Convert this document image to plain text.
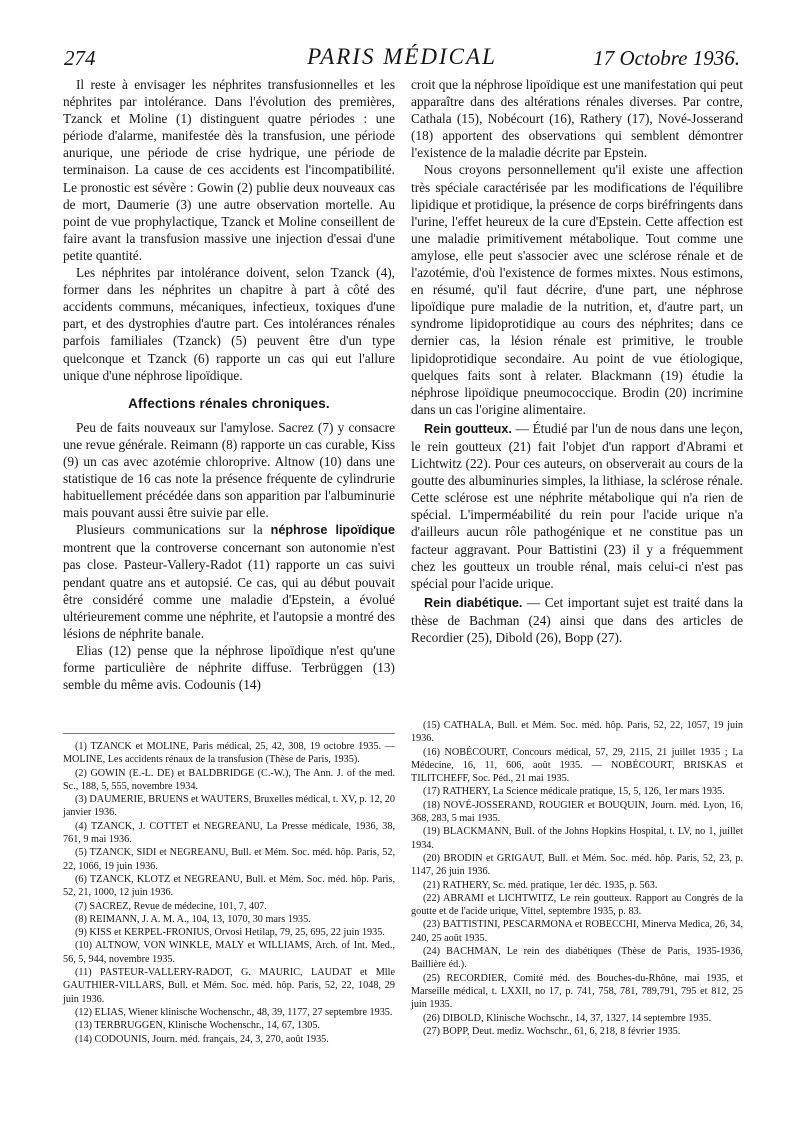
274	PARIS MÉDICAL	17 Octobre 1936.

Il reste à envisager les néphrites transfusionnelles et les néphrites par intolérance. Dans l'évolution des premières, Tzanck et Moline (1) distinguent quatre périodes : une période d'alarme, manifestée dès la transfusion, une période anurique, une période de crise hydrique, une période de terminaison. La cause de ces accidents est l'incompatibilité. Le pronostic est sévère : Gowin (2) publie deux nouveaux cas de mort, Daumerie (3) une autre observation mortelle. Au point de vue prophylactique, Tzanck et Moline conseillent de faire avant la transfusion massive une injection d'essai d'une petite quantité.

Les néphrites par intolérance doivent, selon Tzanck (4), former dans les néphrites un chapitre à part à côté des accidents communs, mécaniques, infectieux, toxiques d'une part, et des dystrophies d'autre part. Ces intolérances rénales parfois familiales (Tzanck) (5) peuvent être d'un type quelconque et Tzanck (6) rapporte un cas qui eut l'allure unique d'une néphrose lipoïdique.

Affections rénales chroniques.

Peu de faits nouveaux sur l'amylose. Sacrez (7) y consacre une revue générale. Reimann (8) rapporte un cas curable, Kiss (9) un cas avec azotémie chloroprive. Altnow (10) dans une statistique de 16 cas note la présence fréquente de cylindrurie habituellement précédée dans son apparition par l'albuminurie mais pouvant aussi être suivie par elle.

Plusieurs communications sur la néphrose lipoïdique montrent que la controverse concernant son autonomie n'est pas close. Pasteur-Vallery-Radot (11) rapporte un cas suivi pendant quatre ans et autopsié. Ce cas, qui au début pouvait être considéré comme une maladie d'Epstein, a évolué ultérieurement comme une néphrite, et l'autopsie a montré des lésions de néphrite banale.

Elias (12) pense que la néphrose lipoïdique n'est qu'une forme particulière de néphrite diffuse. Terbrüggen (13) semble du même avis. Codounis (14)

croit que la néphrose lipoïdique est une manifestation qui peut apparaître dans des altérations rénales diverses. Par contre, Cathala (15), Nobécourt (16), Rathery (17), Nové-Josserand (18) apportent des observations qui semblent démontrer l'existence de la maladie décrite par Epstein.

Nous croyons personnellement qu'il existe une affection très spéciale caractérisée par les modifications de l'équilibre lipidique et protidique, la présence de corps biréfringents dans l'urine, l'effet heureux de la cure d'Epstein. Cette affection est une maladie primitivement métabolique. Tout comme une amylose, elle peut s'associer avec une sclérose rénale et de l'azotémie, d'où l'existence de formes mixtes. Nous estimons, en résumé, qu'il faut décrire, d'une part, une néphrose lipoïdique pure maladie de la nutrition, et, d'autre part, un syndrome lipidoprotidique au cours des néphrites; dans ce dernier cas, la lésion rénale est primitive, le trouble lipidoprotidique secondaire. Au point de vue étiologique, quelques faits sont à relater. Blackmann (19) étudie la néphrose lipoïdique pneumococcique. Brodin (20) incrimine dans un cas l'origine alimentaire.

Rein goutteux. — Étudié par l'un de nous dans une leçon, le rein goutteux (21) fait l'objet d'un rapport d'Abrami et Lichtwitz (22). Pour ces auteurs, on observerait au cours de la goutte des albuminuries simples, la lithiase, la sclérose rénale. Cette sclérose est une néphrite métabolique qui n'a rien de spécial. L'imperméabilité du rein pour l'acide urique n'a d'ailleurs aucun rôle pathogénique et ne constitue pas un facteur aggravant. Pour Battistini (23) il y a fréquemment chez les goutteux un trouble rénal, mais celui-ci n'est pas spécial pour l'acide urique.

Rein diabétique. — Cet important sujet est traité dans la thèse de Bachman (24) ainsi que dans des articles de Recordier (25), Dibold (26), Bopp (27).

(1) TZANCK et MOLINE, Paris médical, 25, 42, 308, 19 octobre 1935. — MOLINE, Les accidents rénaux de la transfusion (Thèse de Paris, 1935).

(2) GOWIN (E.-L. DE) et BALDBRIDGE (C.-W.), The Ann. J. of the med. Sc., 188, 5, 555, novembre 1934.

(3) DAUMERIE, BRUENS et WAUTERS, Bruxelles médical, t. XV, p. 12, 20 janvier 1936.

(4) TZANCK, J. COTTET et NEGREANU, La Presse médicale, 1936, 38, 761, 9 mai 1936.

(5) TZANCK, SIDI et NEGREANU, Bull. et Mém. Soc. méd. hôp. Paris, 52, 22, 1066, 19 juin 1936.

(6) TZANCK, KLOTZ et NEGREANU, Bull. et Mém. Soc. méd. hôp. Paris, 52, 21, 1000, 12 juin 1936.

(7) SACREZ, Revue de médecine, 101, 7, 407.

(8) REIMANN, J. A. M. A., 104, 13, 1070, 30 mars 1935.

(9) KISS et KERPEL-FRONIUS, Orvosi Hetilap, 79, 25, 695, 22 juin 1935.

(10) ALTNOW, VON WINKLE, MALY et WILLIAMS, Arch. of Int. Med., 56, 5, 944, novembre 1935.

(11) PASTEUR-VALLERY-RADOT, G. MAURIC, LAUDAT et Mlle GAUTHIER-VILLARS, Bull. et Mém. Soc. méd. hôp. Paris, 52, 22, 1048, 29 juin 1936.

(12) ELIAS, Wiener klinische Wochenschr., 48, 39, 1177, 27 septembre 1935.

(13) TERBRUGGEN, Klinische Wochenschr., 14, 67, 1305.

(14) CODOUNIS, Journ. méd. français, 24, 3, 270, août 1935.

(15) CATHALA, Bull. et Mém. Soc. méd. hôp. Paris, 52, 22, 1057, 19 juin 1936.

(16) NOBÉCOURT, Concours médical, 57, 29, 2115, 21 juillet 1935 ; La Médecine, 16, 11, 606, août 1935. — NOBÉCOURT, BRISKAS et TILITCHEFF, Soc. Péd., 21 mai 1935.

(17) RATHERY, La Science médicale pratique, 15, 5, 126, 1er mars 1935.

(18) NOVÉ-JOSSERAND, ROUGIER et BOUQUIN, Journ. méd. Lyon, 16, 368, 283, 5 mai 1935.

(19) BLACKMANN, Bull. of the Johns Hopkins Hospital, t. LV, no 1, juillet 1934.

(20) BRODIN et GRIGAUT, Bull. et Mém. Soc. méd. hôp. Paris, 52, 23, p. 1147, 26 juin 1936.

(21) RATHERY, Sc. méd. pratique, 1er déc. 1935, p. 563.

(22) ABRAMI et LICHTWITZ, Le rein goutteux. Rapport au Congrès de la goutte et de l'acide urique, Vittel, septembre 1935, p. 83.

(23) BATTISTINI, PESCARMONA et ROBECCHI, Minerva Medica, 26, 34, 240, 25 août 1935.

(24) BACHMAN, Le rein des diabétiques (Thèse de Paris, 1935-1936, Baillière éd.).

(25) RECORDIER, Comité méd. des Bouches-du-Rhône, mai 1935, et Marseille médical, t. LXXII, no 17, p. 741, 758, 781, 789,791, 795 et 812, 25 juin 1935.

(26) DIBOLD, Klinische Wochschr., 14, 37, 1327, 14 septembre 1935.

(27) BOPP, Deut. mediz. Wochschr., 61, 6, 218, 8 février 1935.
